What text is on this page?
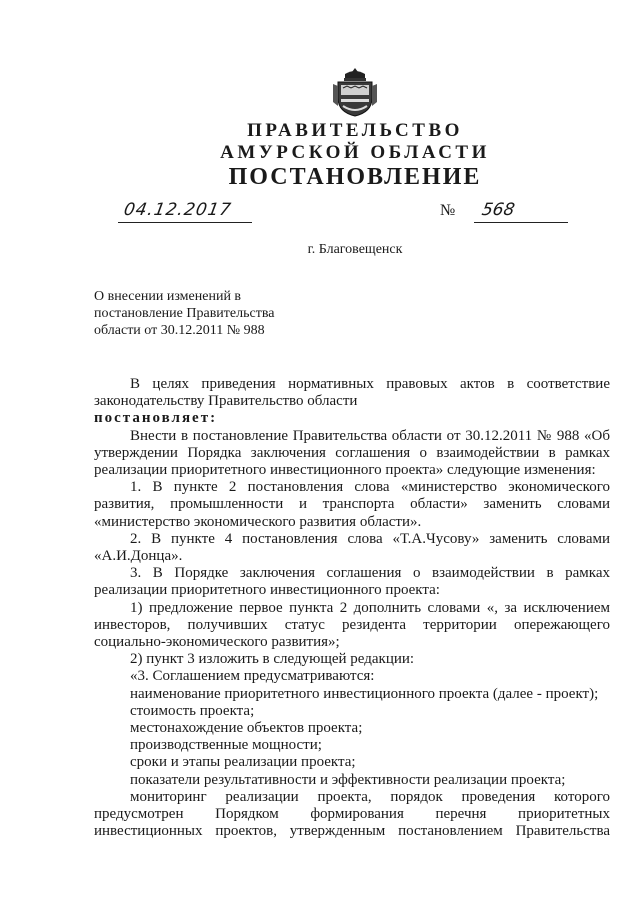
ПРАВИТЕЛЬСТВО
АМУРСКОЙ ОБЛАСТИ
ПОСТАНОВЛЕНИЕ
04.12.2017	№ 568
г. Благовещенск
О внесении изменений в
постановление Правительства
области от 30.12.2011 № 988

В целях приведения нормативных правовых актов в соответствие законодательству Правительство области

постановляет:

Внести в постановление Правительства области от 30.12.2011 № 988 «Об утверждении Порядка заключения соглашения о взаимодействии в рамках реализации приоритетного инвестиционного проекта» следующие изменения:

1. В пункте 2 постановления слова «министерство экономического развития, промышленности и транспорта области» заменить словами «министерство экономического развития области».

2. В пункте 4 постановления слова «Т.А.Чусову» заменить словами «А.И.Донца».

3. В Порядке заключения соглашения о взаимодействии в рамках реализации приоритетного инвестиционного проекта:

1) предложение первое пункта 2 дополнить словами «, за исключением инвесторов, получивших статус резидента территории опережающего социально-экономического развития»;

2) пункт 3 изложить в следующей редакции:

«3. Соглашением предусматриваются:

наименование приоритетного инвестиционного проекта (далее - проект);

стоимость проекта;

местонахождение объектов проекта;

производственные мощности;

сроки и этапы реализации проекта;

показатели результативности и эффективности реализации проекта;

мониторинг реализации проекта, порядок проведения которого предусмотрен Порядком формирования перечня приоритетных инвестиционных проектов, утвержденным постановлением Правительства
